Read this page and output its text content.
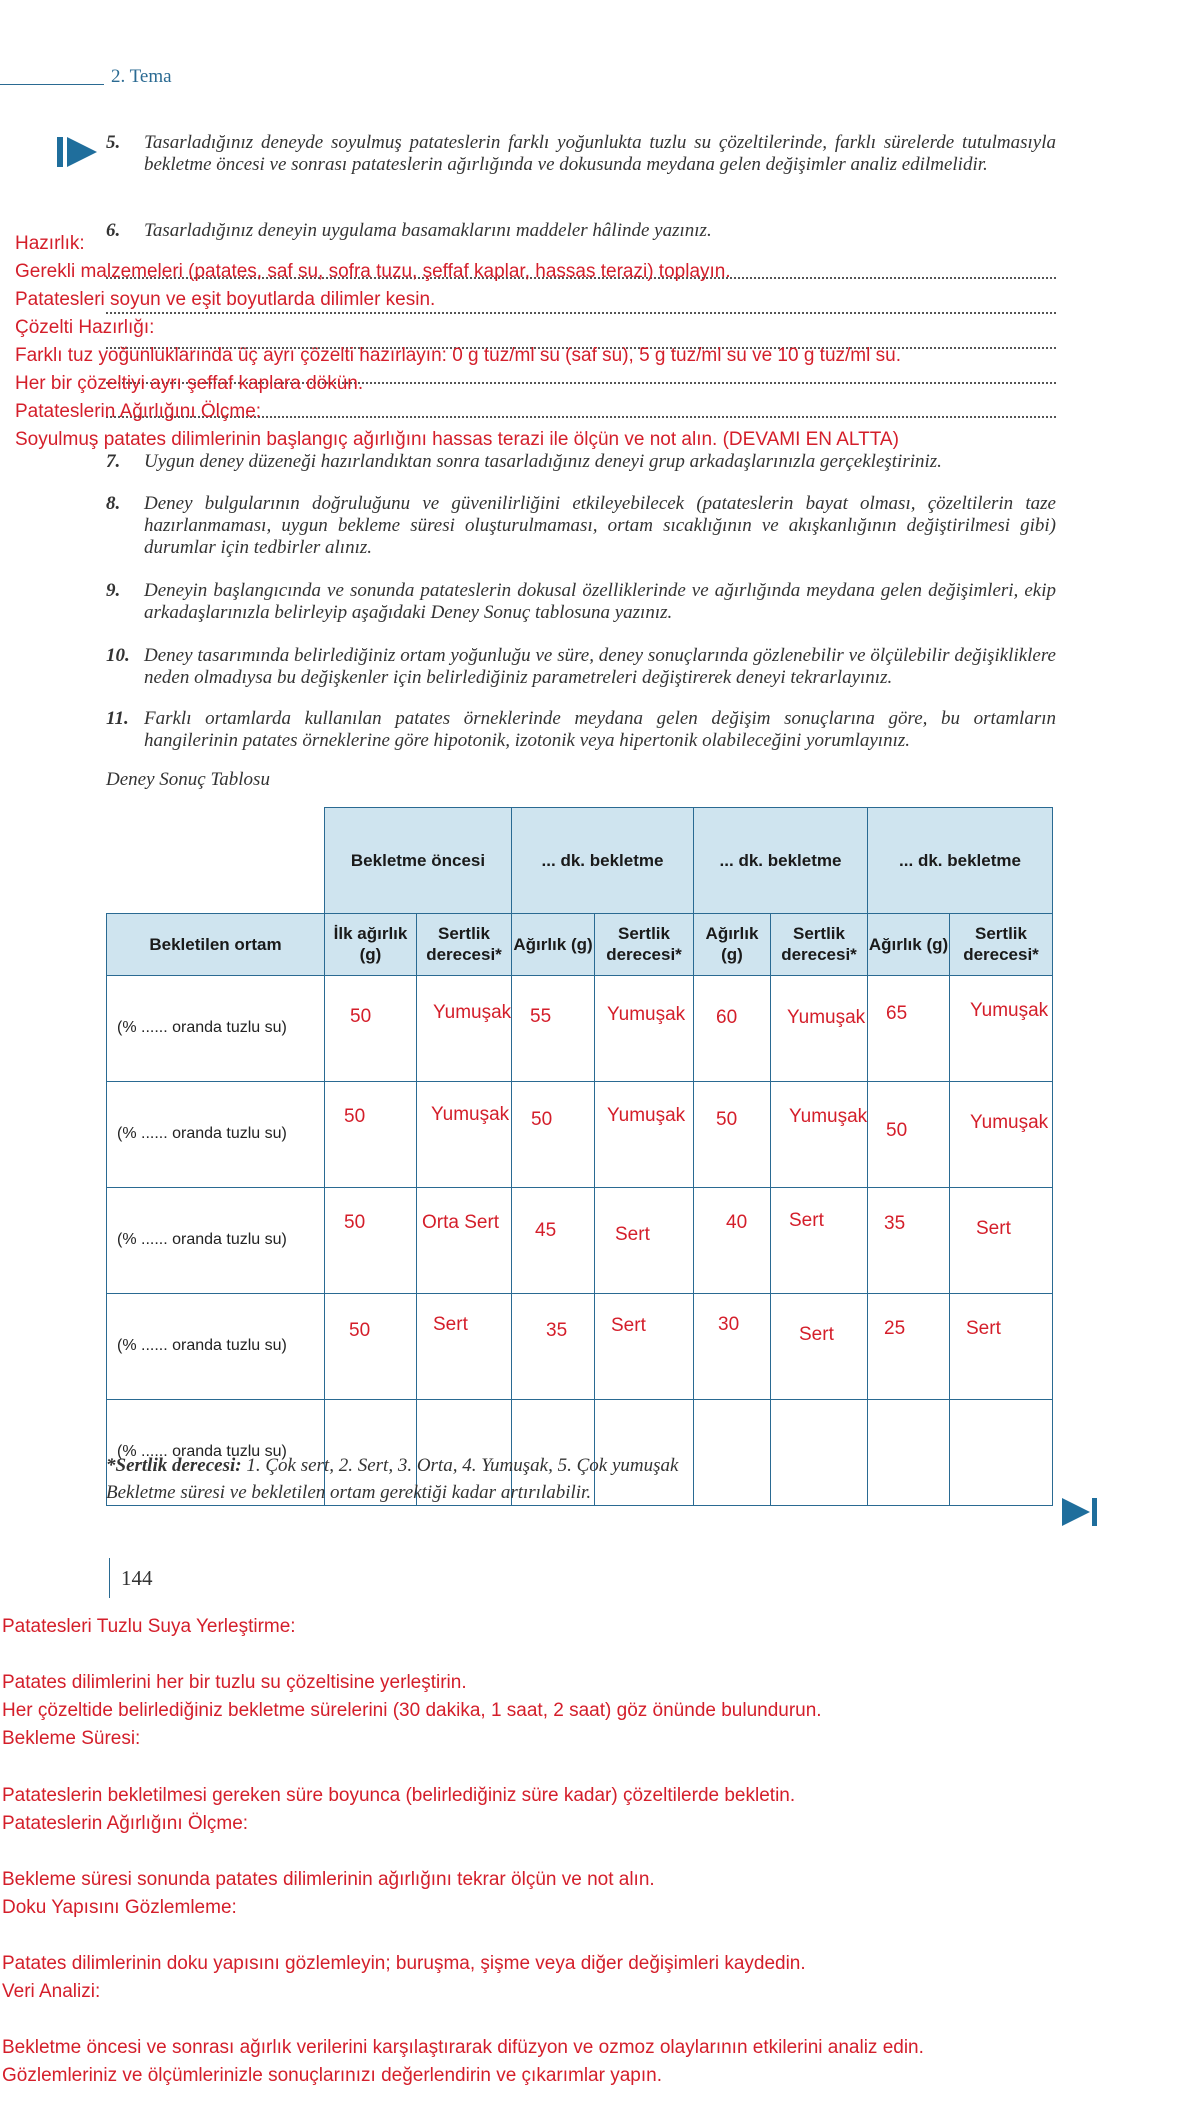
2. Tema
5. Tasarladığınız deneyde soyulmuş patateslerin farklı yoğunlukta tuzlu su çözeltilerinde, farklı sürelerde tutulmasıyla bekletme öncesi ve sonrası patateslerin ağırlığında ve dokusunda meydana gelen değişimler analiz edilmelidir.
6. Tasarladığınız deneyin uygulama basamaklarını maddeler hâlinde yazınız.
Hazırlık:
Gerekli malzemeleri (patates, saf su, sofra tuzu, şeffaf kaplar, hassas terazi) toplayın.
Patatesleri soyun ve eşit boyutlarda dilimler kesin.
Çözelti Hazırlığı:
Farklı tuz yoğunluklarında üç ayrı çözelti hazırlayın: 0 g tuz/ml su (saf su), 5 g tuz/ml su ve 10 g tuz/ml su.
Her bir çözeltiyi ayrı şeffaf kaplara dökün.
Patateslerin Ağırlığını Ölçme:
Soyulmuş patates dilimlerinin başlangıç ağırlığını hassas terazi ile ölçün ve not alın. (DEVAMI EN ALTTA)
7. Uygun deney düzeneği hazırlandıktan sonra tasarladığınız deneyi grup arkadaşlarınızla gerçekleştiriniz.
8. Deney bulgularının doğruluğunu ve güvenilirliğini etkileyebilecek (patateslerin bayat olması, çözeltilerin taze hazırlanmaması, uygun bekleme süresi oluşturulmaması, ortam sıcaklığının ve akışkanlığının değiştirilmesi gibi) durumlar için tedbirler alınız.
9. Deneyin başlangıcında ve sonunda patateslerin dokusal özelliklerinde ve ağırlığında meydana gelen değişimleri, ekip arkadaşlarınızla belirleyip aşağıdaki Deney Sonuç tablosuna yazınız.
10. Deney tasarımında belirlediğiniz ortam yoğunluğu ve süre, deney sonuçlarında gözlenebilir ve ölçülebilir değişikliklere neden olmadıysa bu değişkenler için belirlediğiniz parametreleri değiştirerek deneyi tekrarlayınız.
11. Farklı ortamlarda kullanılan patates örneklerinde meydana gelen değişim sonuçlarına göre, bu ortamların hangilerinin patates örneklerine göre hipotonik, izotonik veya hipertonik olabileceğini yorumlayınız.
Deney Sonuç Tablosu
	Bekletme öncesi		... dk. bekletme		... dk. bekletme		... dk. bekletme	
Bekletilen ortam	İlk ağırlık (g)	Sertlik derecesi*	Ağırlık (g)	Sertlik derecesi*	Ağırlık (g)	Sertlik derecesi*	Ağırlık (g)	Sertlik derecesi*
(% ...... oranda tuzlu su)	50	Yumuşak	55	Yumuşak	60	Yumuşak	65	Yumuşak

(% ...... oranda tuzlu su)	50	Yumuşak	50	Yumuşak	50	Yumuşak	50	Yumuşak

(% ...... oranda tuzlu su)	50	Orta Sert	45	Sert	40	Sert	35	Sert

(% ...... oranda tuzlu su)	50	Sert	35	Sert	30	Sert	25	Sert

(% ...... oranda tuzlu su)								
*Sertlik derecesi: 1. Çok sert, 2. Sert, 3. Orta, 4. Yumuşak, 5. Çok yumuşak
Bekletme süresi ve bekletilen ortam gerektiği kadar artırılabilir.
144
Patatesleri Tuzlu Suya Yerleştirme:
Patates dilimlerini her bir tuzlu su çözeltisine yerleştirin.
Her çözeltide belirlediğiniz bekletme sürelerini (30 dakika, 1 saat, 2 saat) göz önünde bulundurun.
Bekleme Süresi:
Patateslerin bekletilmesi gereken süre boyunca (belirlediğiniz süre kadar) çözeltilerde bekletin.
Patateslerin Ağırlığını Ölçme:
Bekleme süresi sonunda patates dilimlerinin ağırlığını tekrar ölçün ve not alın.
Doku Yapısını Gözlemleme:
Patates dilimlerinin doku yapısını gözlemleyin; buruşma, şişme veya diğer değişimleri kaydedin.
Veri Analizi:
Bekletme öncesi ve sonrası ağırlık verilerini karşılaştırarak difüzyon ve ozmoz olaylarının etkilerini analiz edin.
Gözlemleriniz ve ölçümlerinizle sonuçlarınızı değerlendirin ve çıkarımlar yapın.
